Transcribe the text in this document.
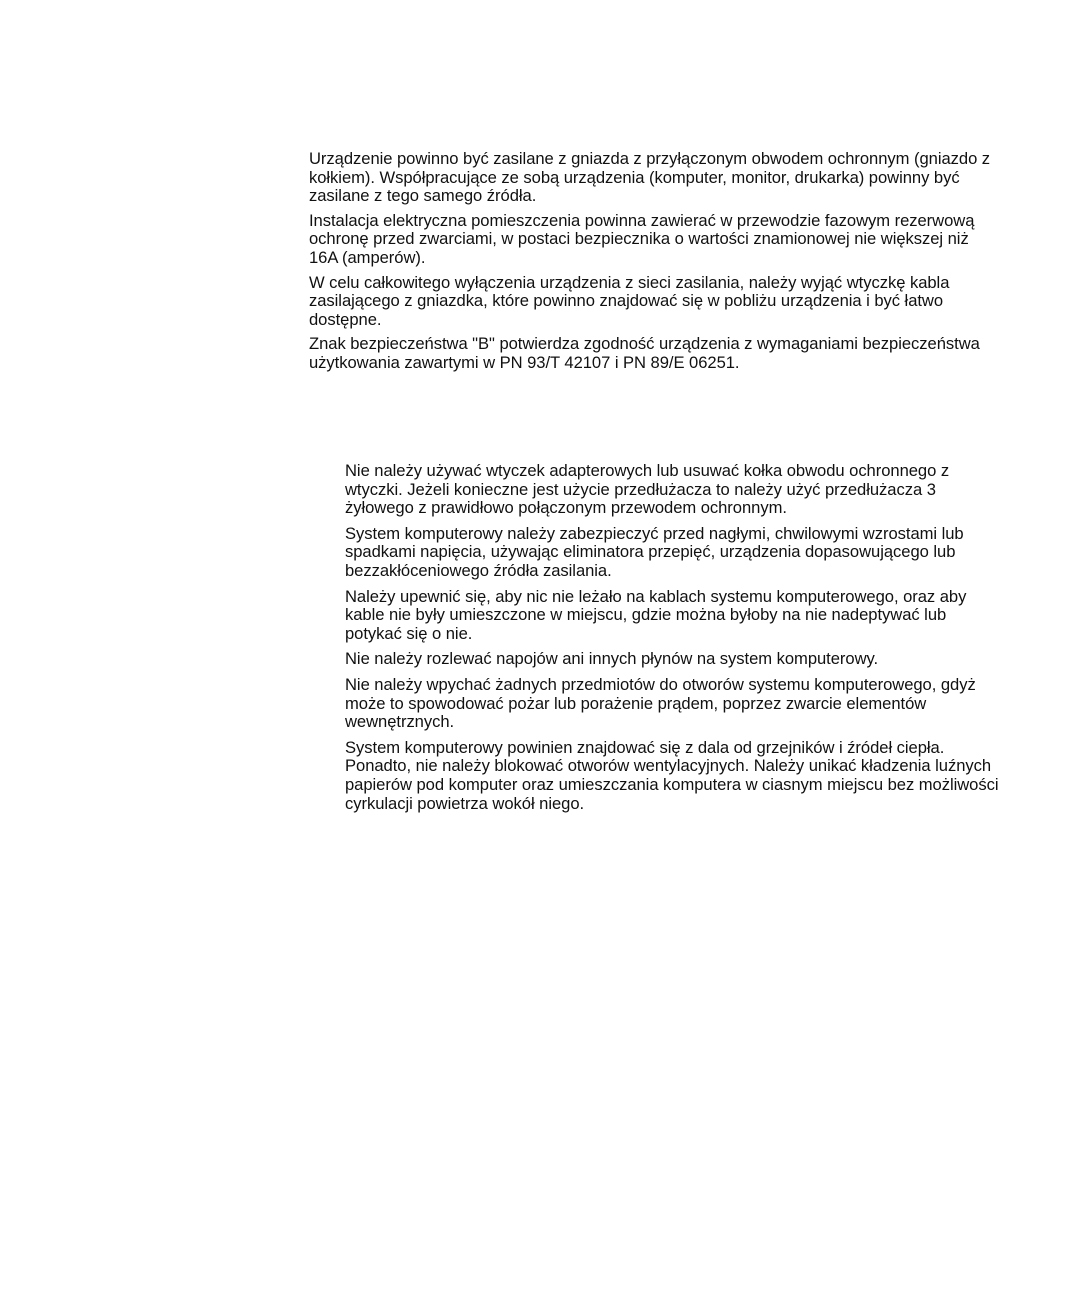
Urządzenie powinno być zasilane z gniazda z przyłączonym obwodem ochronnym (gniazdo z kołkiem). Współpracujące ze sobą urządzenia (komputer, monitor, drukarka) powinny być zasilane z tego samego źródła.

Instalacja elektryczna pomieszczenia powinna zawierać w przewodzie fazowym rezerwową ochronę przed zwarciami, w postaci bezpiecznika o wartości znamionowej nie większej niż 16A (amperów).

W celu całkowitego wyłączenia urządzenia z sieci zasilania, należy wyjąć wtyczkę kabla zasilającego z gniazdka, które powinno znajdować się w pobliżu urządzenia i być łatwo dostępne.

Znak bezpieczeństwa "B" potwierdza zgodność urządzenia z wymaganiami bezpieczeństwa użytkowania zawartymi w PN 93/T 42107 i PN 89/E 06251.

Nie należy używać wtyczek adapterowych lub usuwać kołka obwodu ochronnego z wtyczki. Jeżeli konieczne jest użycie przedłużacza to należy użyć przedłużacza 3 żyłowego z prawidłowo połączonym przewodem ochronnym.

System komputerowy należy zabezpieczyć przed nagłymi, chwilowymi wzrostami lub spadkami napięcia, używając eliminatora przepięć, urządzenia dopasowującego lub bezzakłóceniowego źródła zasilania.

Należy upewnić się, aby nic nie leżało na kablach systemu komputerowego, oraz aby kable nie były umieszczone w miejscu, gdzie można byłoby na nie nadeptywać lub potykać się o nie.

Nie należy rozlewać napojów ani innych płynów na system komputerowy.

Nie należy wpychać żadnych przedmiotów do otworów systemu komputerowego, gdyż może to spowodować pożar lub porażenie prądem, poprzez zwarcie elementów wewnętrznych.

System komputerowy powinien znajdować się z dala od grzejników i źródeł ciepła. Ponadto, nie należy blokować otworów wentylacyjnych. Należy unikać kładzenia luźnych papierów pod komputer oraz umieszczania komputera w ciasnym miejscu bez możliwości cyrkulacji powietrza wokół niego.
